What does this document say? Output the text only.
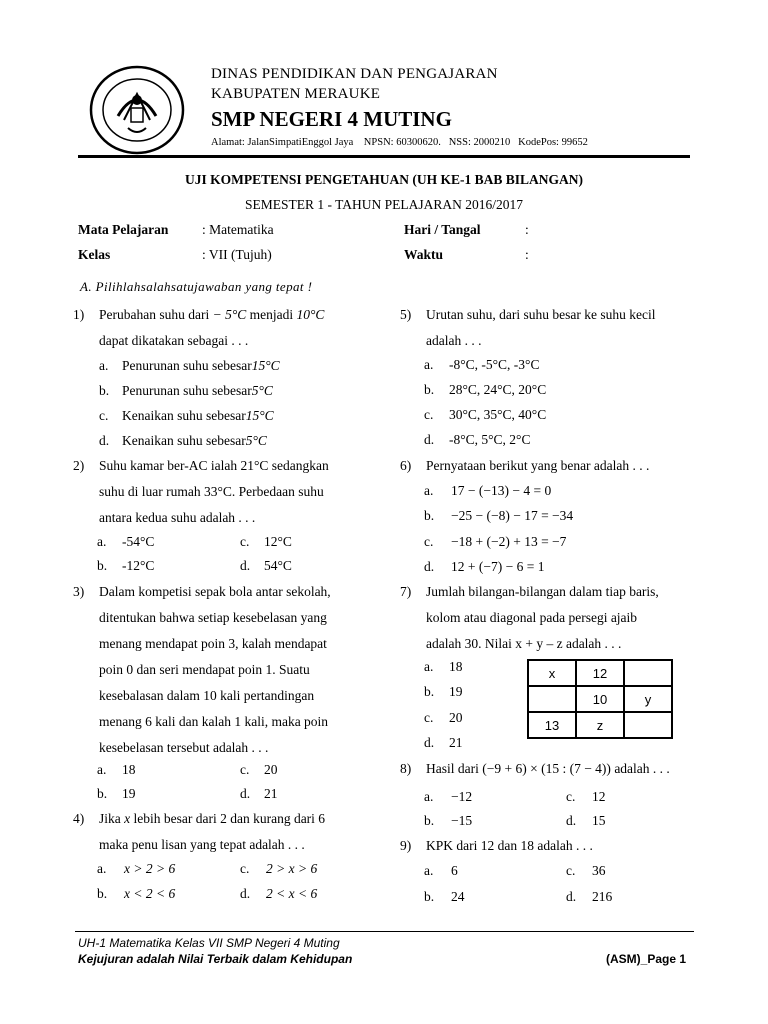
DINAS PENDIDIKAN DAN PENGAJARAN
KABUPATEN MERAUKE
SMP NEGERI 4 MUTING
Alamat: JalanSimpatiEnggol Jaya    NPSN: 60300620.   NSS: 2000210   KodePos: 99652
UJI KOMPETENSI PENGETAHUAN (UH KE-1 BAB BILANGAN)
SEMESTER 1 - TAHUN PELAJARAN 2016/2017
Mata Pelajaran : Matematika	Hari / Tangal	:
Kelas	: VII (Tujuh)	Waktu	:
A. Pilihlahsalahsatujawaban yang tepat !
1) Perubahan suhu dari − 5°C menjadi 10°C
dapat dikatakan sebagai . . .
a. Penurunan suhu sebesar15°C
b. Penurunan suhu sebesar5°C
c. Kenaikan suhu sebesar15°C
d. Kenaikan suhu sebesar5°C
2) Suhu kamar ber-AC ialah 21°C sedangkan
suhu di luar rumah 33°C. Perbedaan suhu
antara kedua suhu adalah . . .
a. -54°C	c. 12°C
b. -12°C	d. 54°C
3) Dalam kompetisi sepak bola antar sekolah,
ditentukan bahwa setiap kesebelasan yang
menang mendapat poin 3, kalah mendapat
poin 0 dan seri mendapat poin 1. Suatu
kesebalasan dalam 10 kali pertandingan
menang 6 kali dan kalah 1 kali, maka poin
kesebelasan tersebut adalah . . .
a. 18	c. 20
b. 19	d. 21
4) Jika x lebih besar dari 2 dan kurang dari 6
maka penu lisan yang tepat adalah . . .
a. x > 2 > 6	c. 2 > x > 6
b. x < 2 < 6	d. 2 < x < 6
5) Urutan suhu, dari suhu besar ke suhu kecil
adalah . . .
a. -8°C, -5°C, -3°C
b. 28°C, 24°C, 20°C
c. 30°C, 35°C, 40°C
d. -8°C, 5°C, 2°C
6) Pernyataan berikut yang benar adalah . . .
a. 17 − (−13) − 4 = 0
b. −25 − (−8) − 17 = −34
c. −18 + (−2) + 13 = −7
d. 12 + (−7) − 6 = 1
7) Jumlah bilangan-bilangan dalam tiap baris,
kolom atau diagonal pada persegi ajaib
adalah 30. Nilai x + y – z adalah . . .
a. 18
b. 19
c. 20
d. 21
x	12	
	10	y
13	z	
8) Hasil dari (−9 + 6) × (15 : (7 − 4)) adalah . . .
a. −12	c. 12
b. −15	d. 15
9) KPK dari 12 dan 18 adalah . . .
a. 6	c. 36
b. 24	d. 216
UH-1 Matematika Kelas VII SMP Negeri 4 Muting
Kejujuran adalah Nilai Terbaik dalam Kehidupan	(ASM)_Page 1
